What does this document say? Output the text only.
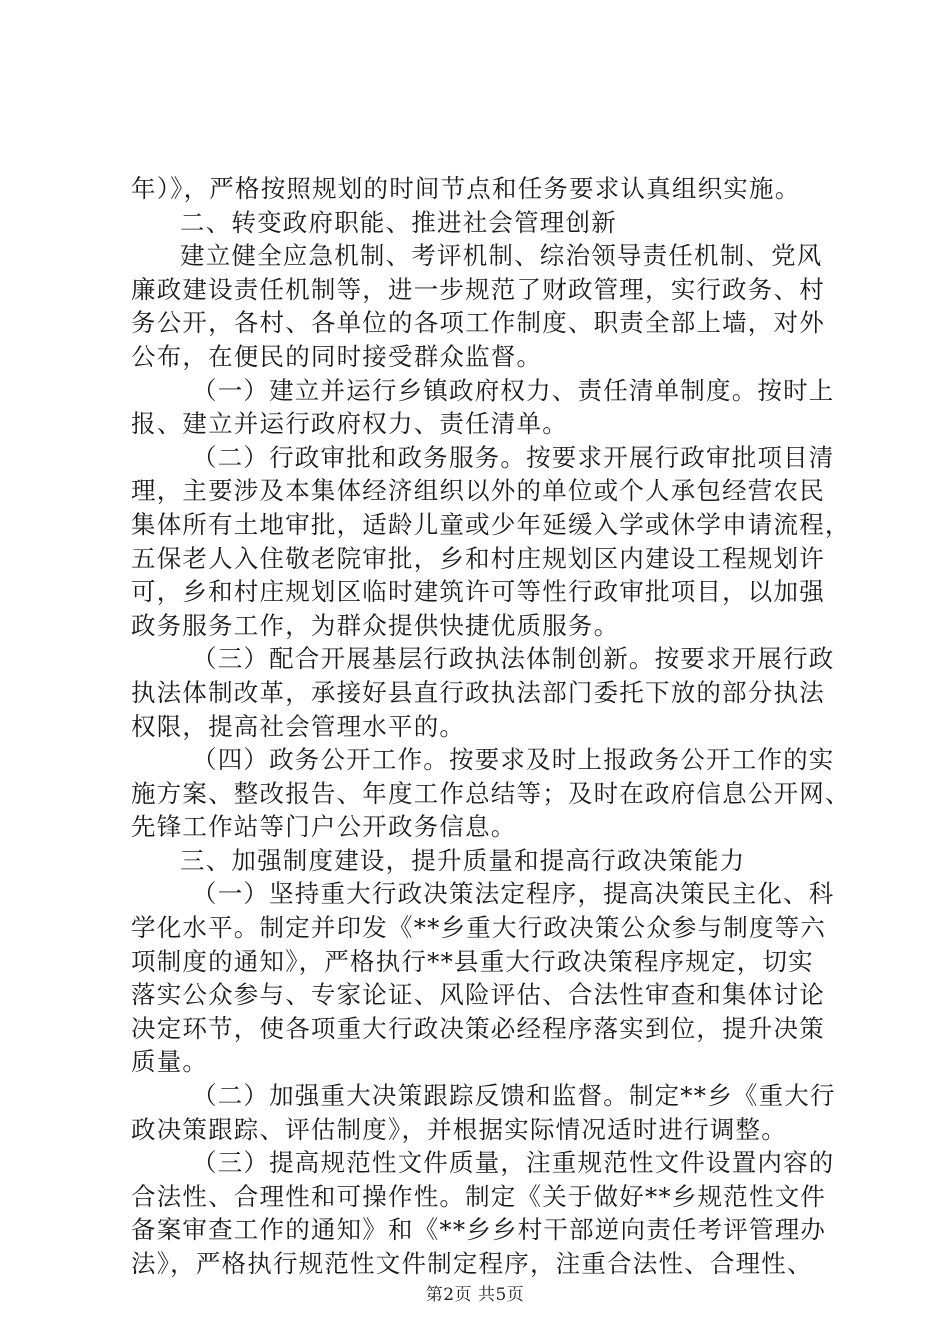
年）》，严格按照规划的时间节点和任务要求认真组织实施。
二、转变政府职能、推进社会管理创新
建立健全应急机制、考评机制、综治领导责任机制、党风
廉政建设责任机制等，进一步规范了财政管理，实行政务、村
务公开，各村、各单位的各项工作制度、职责全部上墙，对外
公布，在便民的同时接受群众监督。
（一）建立并运行乡镇政府权力、责任清单制度。按时上
报、建立并运行政府权力、责任清单。
（二）行政审批和政务服务。按要求开展行政审批项目清
理，主要涉及本集体经济组织以外的单位或个人承包经营农民
集体所有土地审批，适龄儿童或少年延缓入学或休学申请流程，
五保老人入住敬老院审批，乡和村庄规划区内建设工程规划许
可，乡和村庄规划区临时建筑许可等性行政审批项目，以加强
政务服务工作，为群众提供快捷优质服务。
（三）配合开展基层行政执法体制创新。按要求开展行政
执法体制改革，承接好县直行政执法部门委托下放的部分执法
权限，提高社会管理水平的。
（四）政务公开工作。按要求及时上报政务公开工作的实
施方案、整改报告、年度工作总结等；及时在政府信息公开网、
先锋工作站等门户公开政务信息。
三、加强制度建设，提升质量和提高行政决策能力
（一）坚持重大行政决策法定程序，提高决策民主化、科
学化水平。制定并印发《**乡重大行政决策公众参与制度等六
项制度的通知》，严格执行**县重大行政决策程序规定，切实
落实公众参与、专家论证、风险评估、合法性审查和集体讨论
决定环节，使各项重大行政决策必经程序落实到位，提升决策
质量。
（二）加强重大决策跟踪反馈和监督。制定**乡《重大行
政决策跟踪、评估制度》，并根据实际情况适时进行调整。
（三）提高规范性文件质量，注重规范性文件设置内容的
合法性、合理性和可操作性。制定《关于做好**乡规范性文件
备案审查工作的通知》和《**乡乡村干部逆向责任考评管理办
法》，严格执行规范性文件制定程序，注重合法性、合理性、
第2页 共5页
